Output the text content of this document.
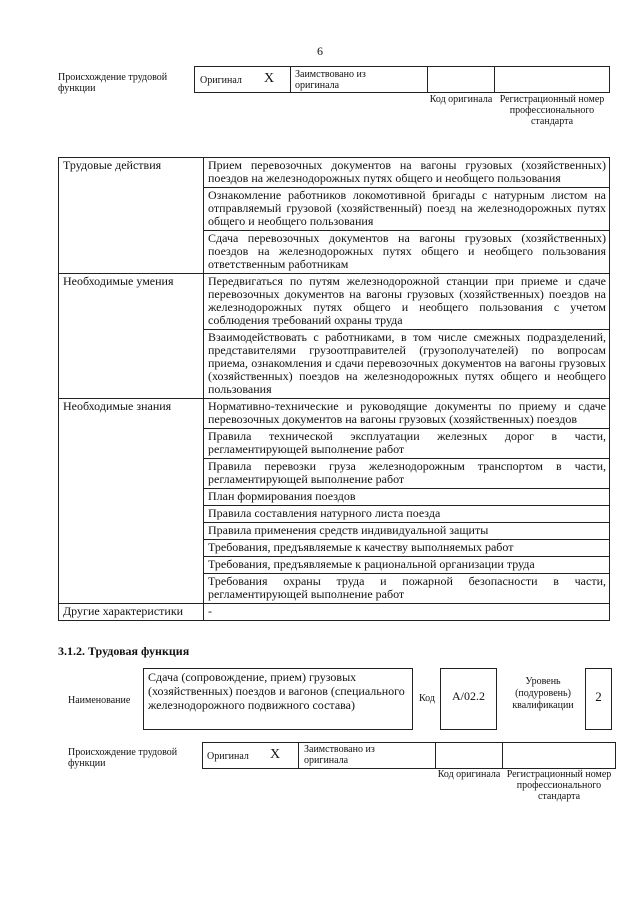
6
Происхождение трудовой функции
Оригинал X Заимствовано из оригинала
Код оригинала Регистрационный номер профессионального стандарта
Трудовые действия	Прием перевозочных документов на вагоны грузовых (хозяйственных) поездов на железнодорожных путях общего и необщего пользования
	Ознакомление работников локомотивной бригады с натурным листом на отправляемый грузовой (хозяйственный) поезд на железнодорожных путях общего и необщего пользования
	Сдача перевозочных документов на вагоны грузовых (хозяйственных) поездов на железнодорожных путях общего и необщего пользования ответственным работникам
Необходимые умения	Передвигаться по путям железнодорожной станции при приеме и сдаче перевозочных документов на вагоны грузовых (хозяйственных) поездов на железнодорожных путях общего и необщего пользования с учетом соблюдения требований охраны труда
	Взаимодействовать с работниками, в том числе смежных подразделений, представителями грузоотправителей (грузополучателей) по вопросам приема, ознакомления и сдачи перевозочных документов на вагоны грузовых (хозяйственных) поездов на железнодорожных путях общего и необщего пользования
Необходимые знания	Нормативно-технические и руководящие документы по приему и сдаче перевозочных документов на вагоны грузовых (хозяйственных) поездов
	Правила технической эксплуатации железных дорог в части, регламентирующей выполнение работ
	Правила перевозки груза железнодорожным транспортом в части, регламентирующей выполнение работ
	План формирования поездов
	Правила составления натурного листа поезда
	Правила применения средств индивидуальной защиты
	Требования, предъявляемые к качеству выполняемых работ
	Требования, предъявляемые к рациональной организации труда
	Требования охраны труда и пожарной безопасности в части, регламентирующей выполнение работ
Другие характеристики	-
3.1.2. Трудовая функция
Наименование
Сдача (сопровождение, прием) грузовых (хозяйственных) поездов и вагонов (специального железнодорожного подвижного состава)	Код	A/02.2
Уровень (подуровень) квалификации
2
Происхождение трудовой функции
Оригинал X Заимствовано из оригинала
Код оригинала Регистрационный номер профессионального стандарта
